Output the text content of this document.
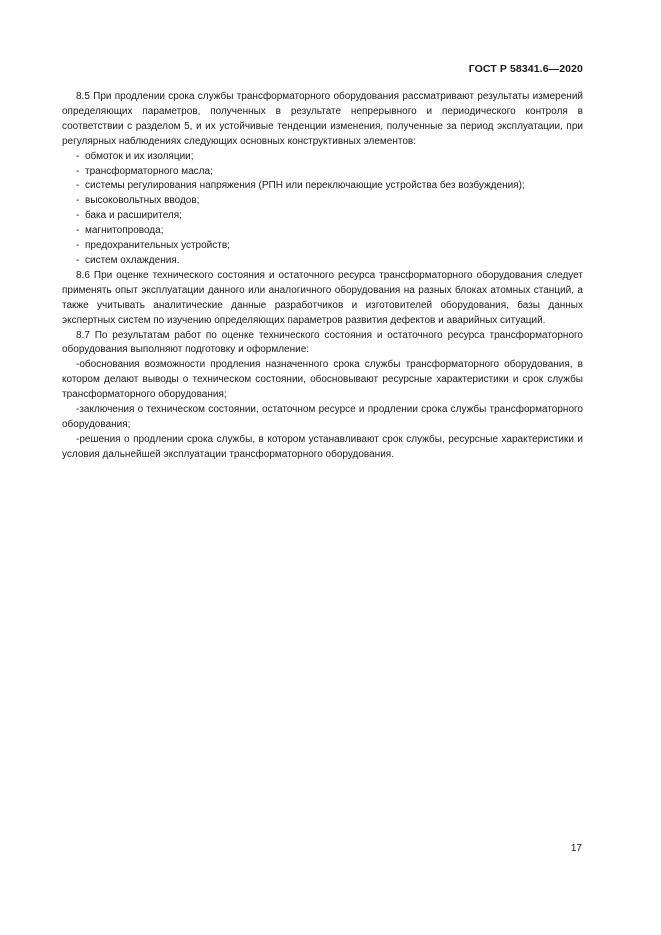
ГОСТ Р 58341.6—2020

8.5 При продлении срока службы трансформаторного оборудования рассматривают результаты измерений определяющих параметров, полученных в результате непрерывного и периодического контроля в соответствии с разделом 5, и их устойчивые тенденции изменения, полученные за период эксплуатации, при регулярных наблюдениях следующих основных конструктивных элементов:

- обмоток и их изоляции;

- трансформаторного масла;

- системы регулирования напряжения (РПН или переключающие устройства без возбуждения);

- высоковольтных вводов;

- бака и расширителя;

- магнитопровода;

- предохранительных устройств;

- систем охлаждения.

8.6 При оценке технического состояния и остаточного ресурса трансформаторного оборудования следует применять опыт эксплуатации данного или аналогичного оборудования на разных блоках атомных станций, а также учитывать аналитические данные разработчиков и изготовителей оборудования, базы данных экспертных систем по изучению определяющих параметров развития дефектов и аварийных ситуаций.

8.7 По результатам работ по оценке технического состояния и остаточного ресурса трансформаторного оборудования выполняют подготовку и оформление:

-обоснования возможности продления назначенного срока службы трансформаторного оборудования, в котором делают выводы о техническом состоянии, обосновывают ресурсные характеристики и срок службы трансформаторного оборудования;

-заключения о техническом состоянии, остаточном ресурсе и продлении срока службы трансформаторного оборудования;

-решения о продлении срока службы, в котором устанавливают срок службы, ресурсные характеристики и условия дальнейшей эксплуатации трансформаторного оборудования.

17
